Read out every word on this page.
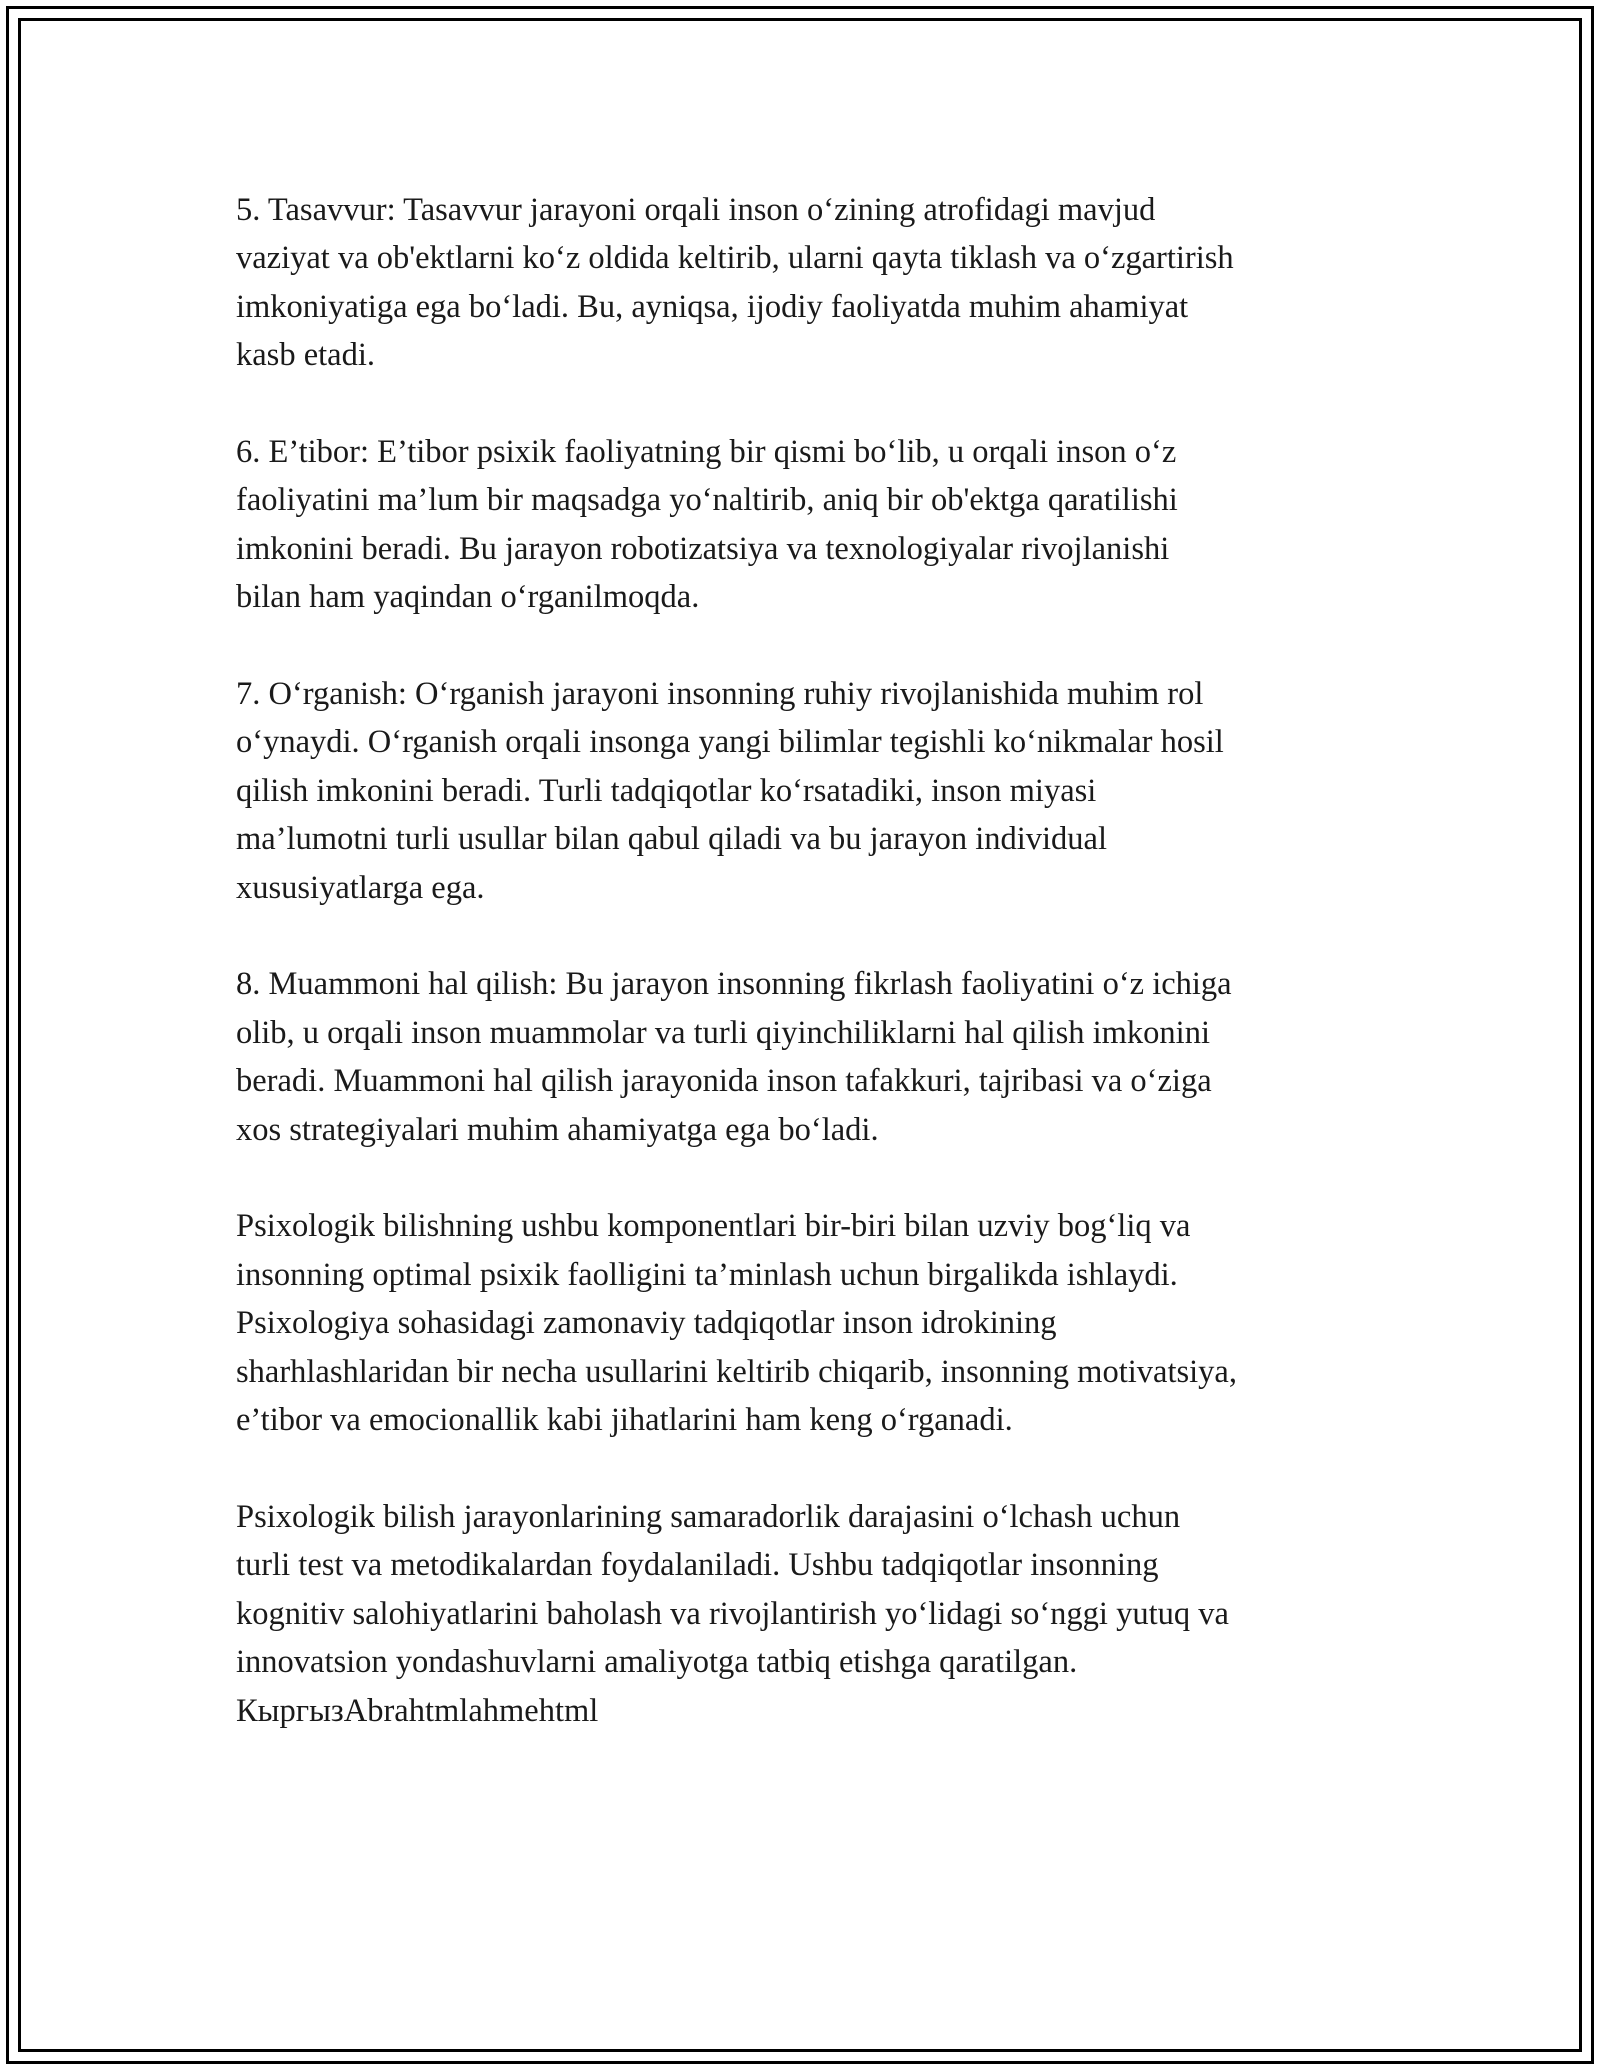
5. Tasavvur: Tasavvur jarayoni orqali inson o‘zining atrofidagi mavjud
vaziyat va ob'ektlarni ko‘z oldida keltirib, ularni qayta tiklash va o‘zgartirish
imkoniyatiga ega bo‘ladi. Bu, ayniqsa, ijodiy faoliyatda muhim ahamiyat
kasb etadi.

6. E’tibor: E’tibor psixik faoliyatning bir qismi bo‘lib, u orqali inson o‘z
faoliyatini ma’lum bir maqsadga yo‘naltirib, aniq bir ob'ektga qaratilishi
imkonini beradi. Bu jarayon robotizatsiya va texnologiyalar rivojlanishi
bilan ham yaqindan o‘rganilmoqda.

7. O‘rganish: O‘rganish jarayoni insonning ruhiy rivojlanishida muhim rol
o‘ynaydi. O‘rganish orqali insonga yangi bilimlar tegishli ko‘nikmalar hosil
qilish imkonini beradi. Turli tadqiqotlar ko‘rsatadiki, inson miyasi
ma’lumotni turli usullar bilan qabul qiladi va bu jarayon individual
xususiyatlarga ega.

8. Muammoni hal qilish: Bu jarayon insonning fikrlash faoliyatini o‘z ichiga
olib, u orqali inson muammolar va turli qiyinchiliklarni hal qilish imkonini
beradi. Muammoni hal qilish jarayonida inson tafakkuri, tajribasi va o‘ziga
xos strategiyalari muhim ahamiyatga ega bo‘ladi.

Psixologik bilishning ushbu komponentlari bir-biri bilan uzviy bog‘liq va
insonning optimal psixik faolligini ta’minlash uchun birgalikda ishlaydi.
Psixologiya sohasidagi zamonaviy tadqiqotlar inson idrokining
sharhlashlaridan bir necha usullarini keltirib chiqarib, insonning motivatsiya,
e’tibor va emocionallik kabi jihatlarini ham keng o‘rganadi.

Psixologik bilish jarayonlarining samaradorlik darajasini o‘lchash uchun
turli test va metodikalardan foydalaniladi. Ushbu tadqiqotlar insonning
kognitiv salohiyatlarini baholash va rivojlantirish yo‘lidagi so‘nggi yutuq va
innovatsion yondashuvlarni amaliyotga tatbiq etishga qaratilgan.
КыргызAbrahtmlahmehtml
